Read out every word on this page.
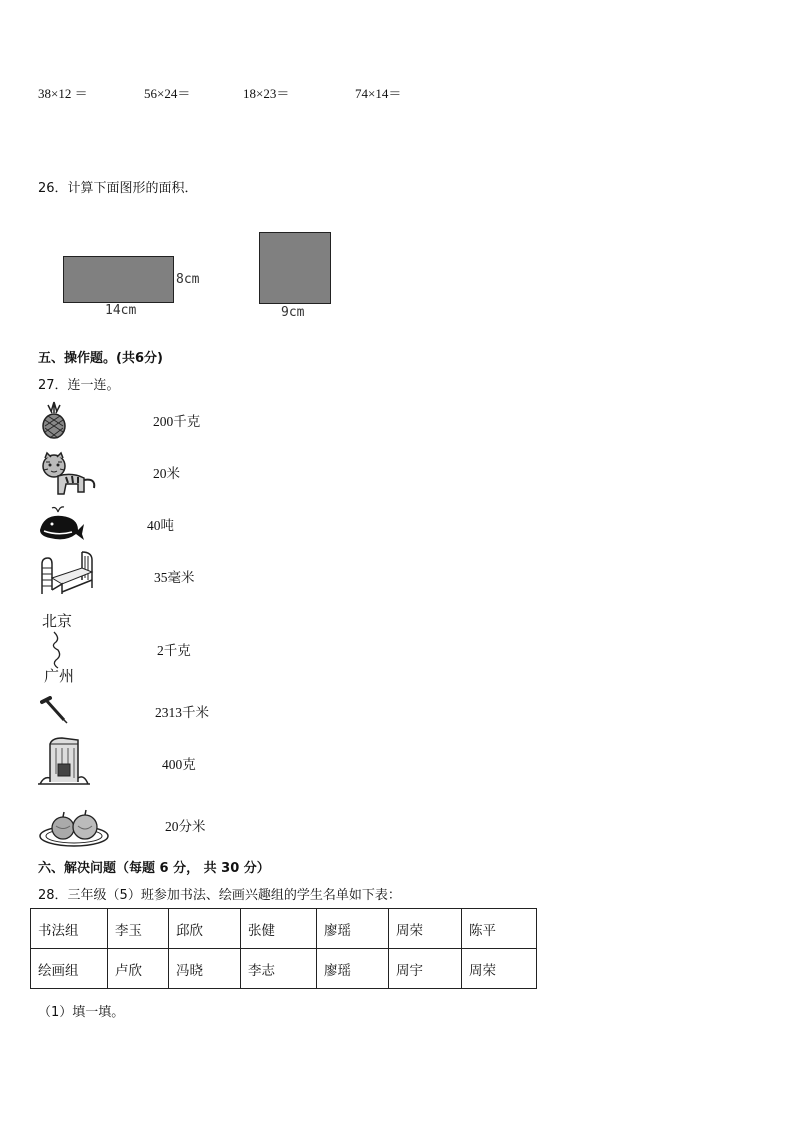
38×12 ＝	56×24＝	18×23＝	74×14＝
26．计算下面图形的面积．
8cm
14cm	9cm
五、操作题。(共6分)
27．连一连。
北京
广州
200千克
20米
40吨
35毫米
2千克
2313千米
400克
20分米
六、解决问题（每题 6 分， 共 30 分）
28．三年级（5）班参加书法、绘画兴趣组的学生名单如下表：
书法组	李玉	邱欣	张健	廖瑶	周荣	陈平
绘画组	卢欣	冯晓	李志	廖瑶	周宇	周荣
（1）填一填。
